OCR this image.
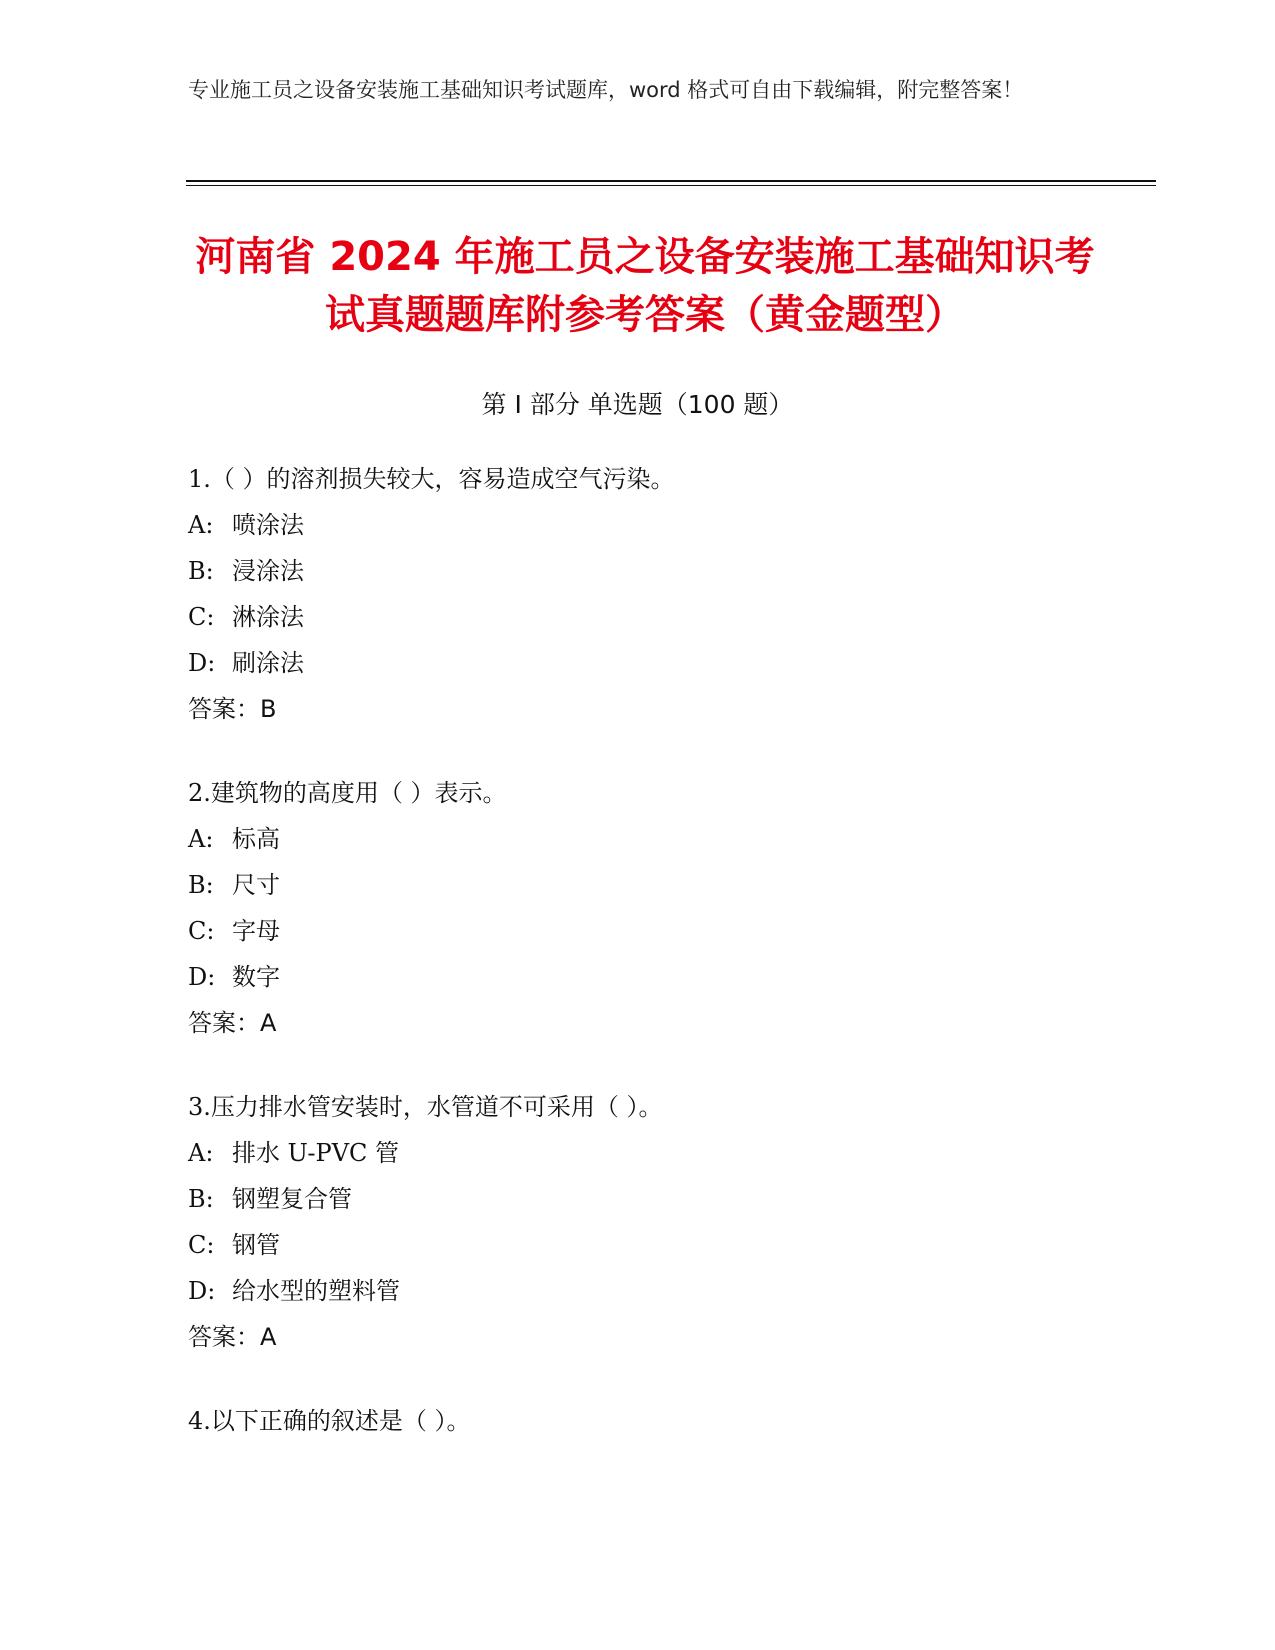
专业施工员之设备安装施工基础知识考试题库，word 格式可自由下载编辑，附完整答案！
河南省 2024 年施工员之设备安装施工基础知识考试真题题库附参考答案（黄金题型）
第 I 部分 单选题（100 题）
1.（ ）的溶剂损失较大，容易造成空气污染。
A: 喷涂法
B: 浸涂法
C: 淋涂法
D: 刷涂法
答案：B
2.建筑物的高度用（ ）表示。
A: 标高
B: 尺寸
C: 字母
D: 数字
答案：A
3.压力排水管安装时，水管道不可采用（ ）。
A: 排水 U-PVC 管
B: 钢塑复合管
C: 钢管
D: 给水型的塑料管
答案：A
4.以下正确的叙述是（ ）。
